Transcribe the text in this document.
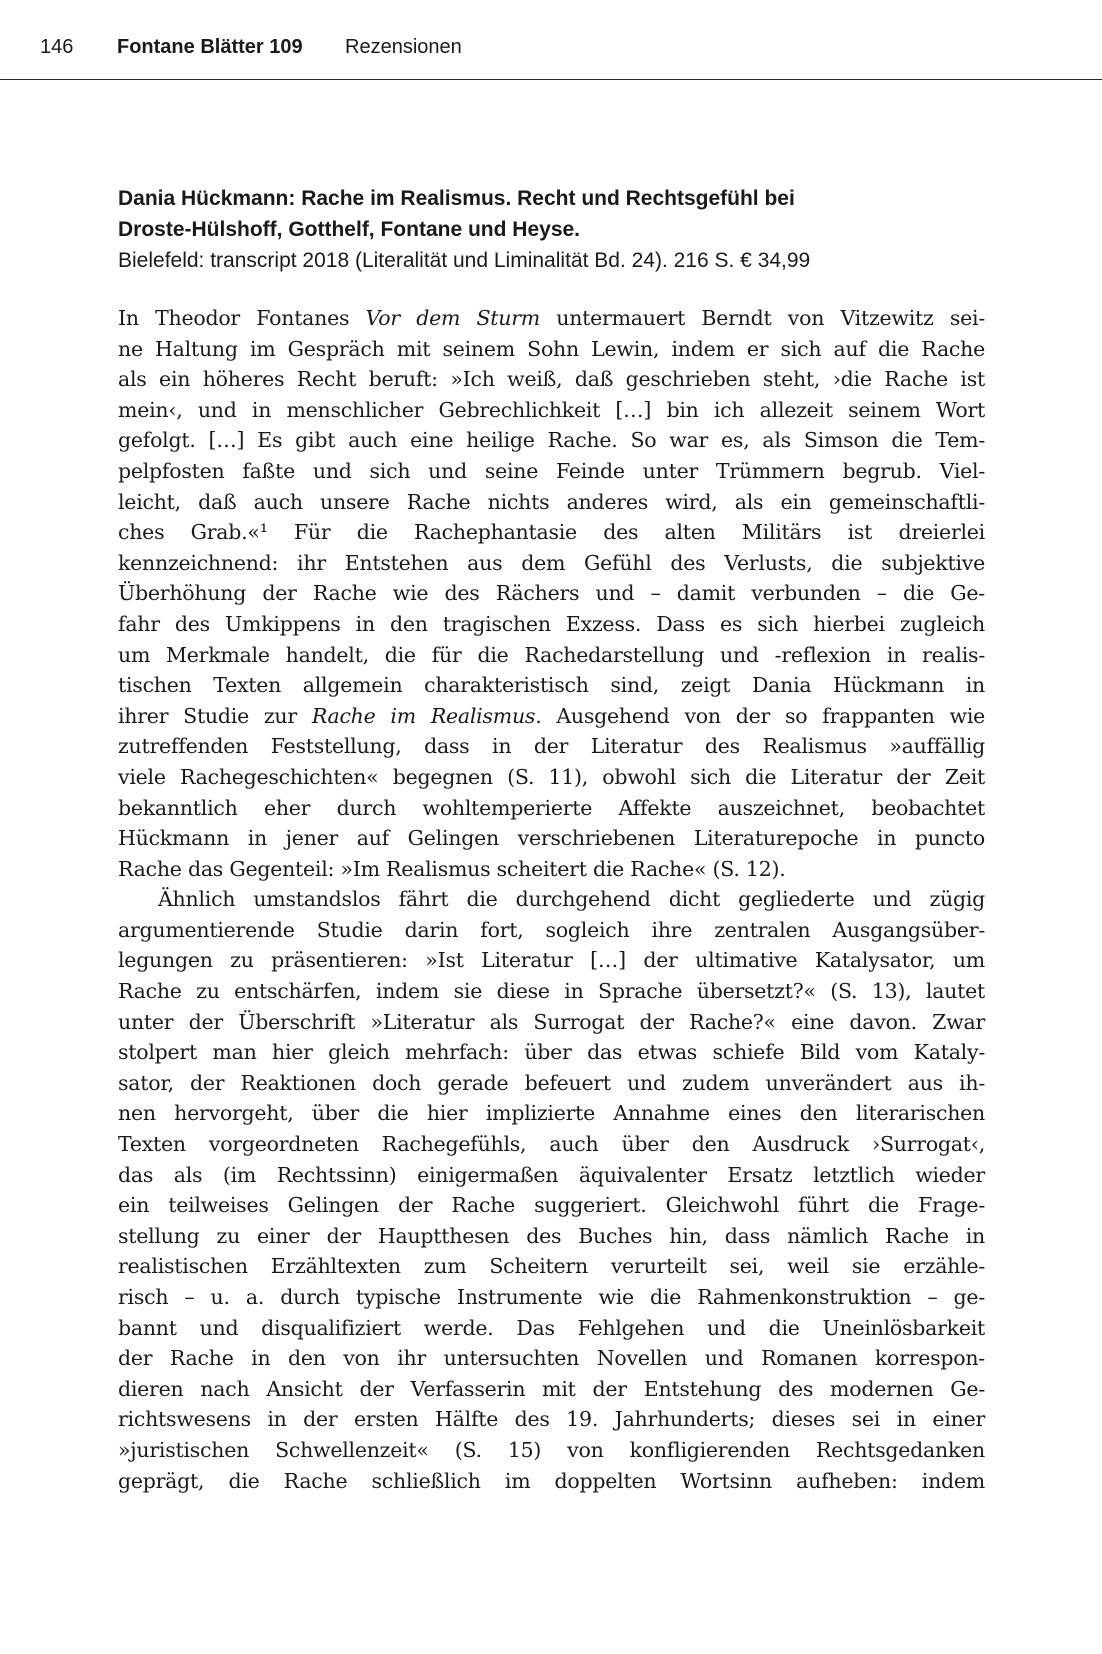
146 Fontane Blätter 109 Rezensionen
Dania Hückmann: Rache im Realismus. Recht und Rechtsgefühl bei
Droste-Hülshoff, Gotthelf, Fontane und Heyse.
Bielefeld: transcript 2018 (Literalität und Liminalität Bd. 24). 216 S. € 34,99
In Theodor Fontanes Vor dem Sturm untermauert Berndt von Vitzewitz sei-
ne Haltung im Gespräch mit seinem Sohn Lewin, indem er sich auf die Rache
als ein höheres Recht beruft: »Ich weiß, daß geschrieben steht, ›die Rache ist
mein‹, und in menschlicher Gebrechlichkeit […] bin ich allezeit seinem Wort
gefolgt. […] Es gibt auch eine heilige Rache. So war es, als Simson die Tem-
pelpfosten faßte und sich und seine Feinde unter Trümmern begrub. Viel-
leicht, daß auch unsere Rache nichts anderes wird, als ein gemeinschaftli-
ches Grab.«¹ Für die Rachephantasie des alten Militärs ist dreierlei
kennzeichnend: ihr Entstehen aus dem Gefühl des Verlusts, die subjektive
Überhöhung der Rache wie des Rächers und – damit verbunden – die Ge-
fahr des Umkippens in den tragischen Exzess. Dass es sich hierbei zugleich
um Merkmale handelt, die für die Rachedarstellung und -reflexion in realis-
tischen Texten allgemein charakteristisch sind, zeigt Dania Hückmann in
ihrer Studie zur Rache im Realismus. Ausgehend von der so frappanten wie
zutreffenden Feststellung, dass in der Literatur des Realismus »auffällig
viele Rachegeschichten« begegnen (S. 11), obwohl sich die Literatur der Zeit
bekanntlich eher durch wohltemperierte Affekte auszeichnet, beobachtet
Hückmann in jener auf Gelingen verschriebenen Literaturepoche in puncto
Rache das Gegenteil: »Im Realismus scheitert die Rache« (S. 12).
Ähnlich umstandslos fährt die durchgehend dicht gegliederte und zügig
argumentierende Studie darin fort, sogleich ihre zentralen Ausgangsüber-
legungen zu präsentieren: »Ist Literatur […] der ultimative Katalysator, um
Rache zu entschärfen, indem sie diese in Sprache übersetzt?« (S. 13), lautet
unter der Überschrift »Literatur als Surrogat der Rache?« eine davon. Zwar
stolpert man hier gleich mehrfach: über das etwas schiefe Bild vom Kataly-
sator, der Reaktionen doch gerade befeuert und zudem unverändert aus ih-
nen hervorgeht, über die hier implizierte Annahme eines den literarischen
Texten vorgeordneten Rachegefühls, auch über den Ausdruck ›Surrogat‹,
das als (im Rechtssinn) einigermaßen äquivalenter Ersatz letztlich wieder
ein teilweises Gelingen der Rache suggeriert. Gleichwohl führt die Frage-
stellung zu einer der Hauptthesen des Buches hin, dass nämlich Rache in
realistischen Erzähltexten zum Scheitern verurteilt sei, weil sie erzähle-
risch – u. a. durch typische Instrumente wie die Rahmenkonstruktion – ge-
bannt und disqualifiziert werde. Das Fehlgehen und die Uneinlösbarkeit
der Rache in den von ihr untersuchten Novellen und Romanen korrespon-
dieren nach Ansicht der Verfasserin mit der Entstehung des modernen Ge-
richtswesens in der ersten Hälfte des 19. Jahrhunderts; dieses sei in einer
»juristischen Schwellenzeit« (S. 15) von konfligierenden Rechtsgedanken
geprägt, die Rache schließlich im doppelten Wortsinn aufheben: indem
